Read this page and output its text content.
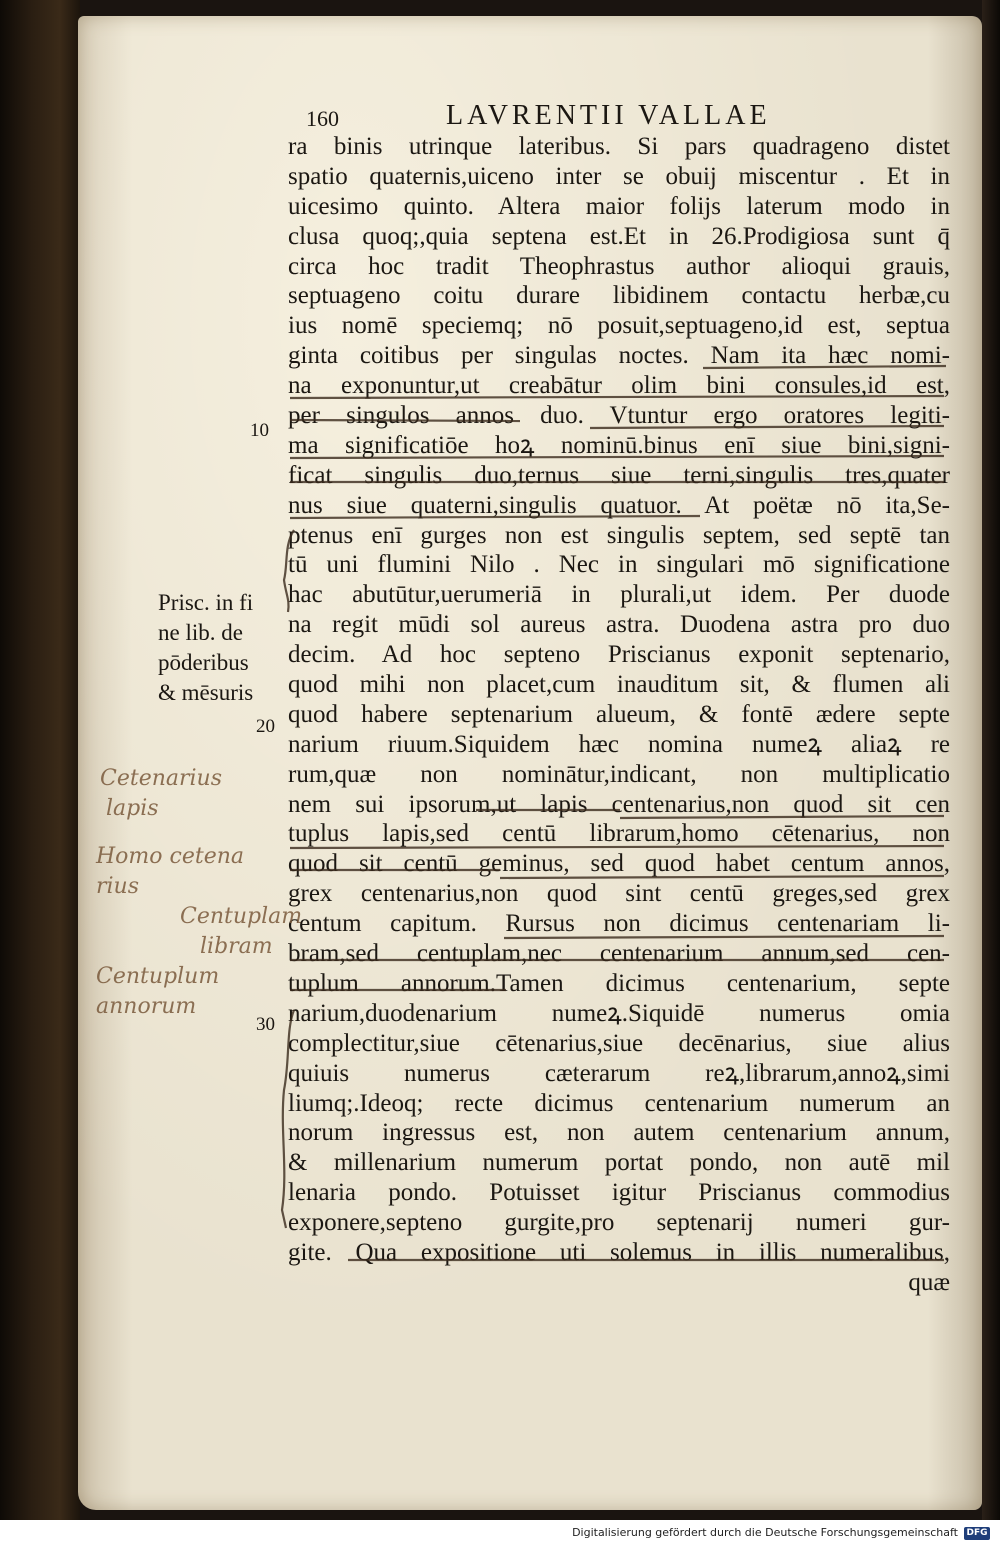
160	LAVRENTII VALLAE
ra binis utrinque lateribus. Si pars quadrageno distet
spatio quaternis,uiceno inter se obuij miscentur . Et in
uicesimo quinto. Altera maior folijs laterum modo in
clusa quoq;,quia septena est.Et in 26.Prodigiosa sunt q̄
circa hoc tradit Theophrastus author alioqui grauis,
septuageno coitu durare libidinem contactu herbæ,cu
ius nomē speciemq; nō posuit,septuageno,id est, septua
ginta coitibus per singulas noctes. Nam ita hæc nomi-
na exponuntur,ut creabātur olim bini consules,id est,
per singulos annos duo. Vtuntur ergo oratores legiti-
ma significatiōe hoꝝ nominū.binus enī siue bini,signi-
ficat singulis duo,ternus siue terni,singulis tres,quater
nus siue quaterni,singulis quatuor. At poëtæ nō ita,Se-
ptenus enī gurges non est singulis septem, sed septē tan
tū uni flumini Nilo . Nec in singulari mō significatione
hac abutūtur,uerumeriā in plurali,ut idem. Per duode
na regit mūdi sol aureus astra. Duodena astra pro duo
decim. Ad hoc septeno Priscianus exponit septenario,
quod mihi non placet,cum inauditum sit, & flumen ali
quod habere septenarium alueum, & fontē ædere septe
narium riuum.Siquidem hæc nomina numeꝝ aliaꝝ re
rum,quæ non nominātur,indicant, non multiplicatio
nem sui ipsorum,ut lapis centenarius,non quod sit cen
tuplus lapis,sed centū librarum,homo cētenarius, non
quod sit centū geminus, sed quod habet centum annos,
grex centenarius,non quod sint centū greges,sed grex
centum capitum. Rursus non dicimus centenariam li-
bram,sed centuplam,nec centenarium annum,sed cen-
tuplum annorum.Tamen dicimus centenarium, septe
narium,duodenarium numeꝝ.Siquidē numerus omia
complectitur,siue cētenarius,siue decēnarius, siue alius
quiuis numerus cæterarum reꝝ,librarum,annoꝝ,simi
liumq;.Ideoq; recte dicimus centenarium numerum an
norum ingressus est, non autem centenarium annum,
& millenarium numerum portat pondo, non autē mil
lenaria pondo. Potuisset igitur Priscianus commodius
exponere,septeno gurgite,pro septenarij numeri gur-
gite. Qua expositione uti solemus in illis numeralibus,
quæ
Prisc. in fi
ne lib. de
pōderibus
& mēsuris
10
20
30
Cetenarius
lapis
Homo cetena
rius
Centuplam
libram
Centuplum
annorum
Digitalisierung gefördert durch die Deutsche Forschungsgemeinschaft DFG
